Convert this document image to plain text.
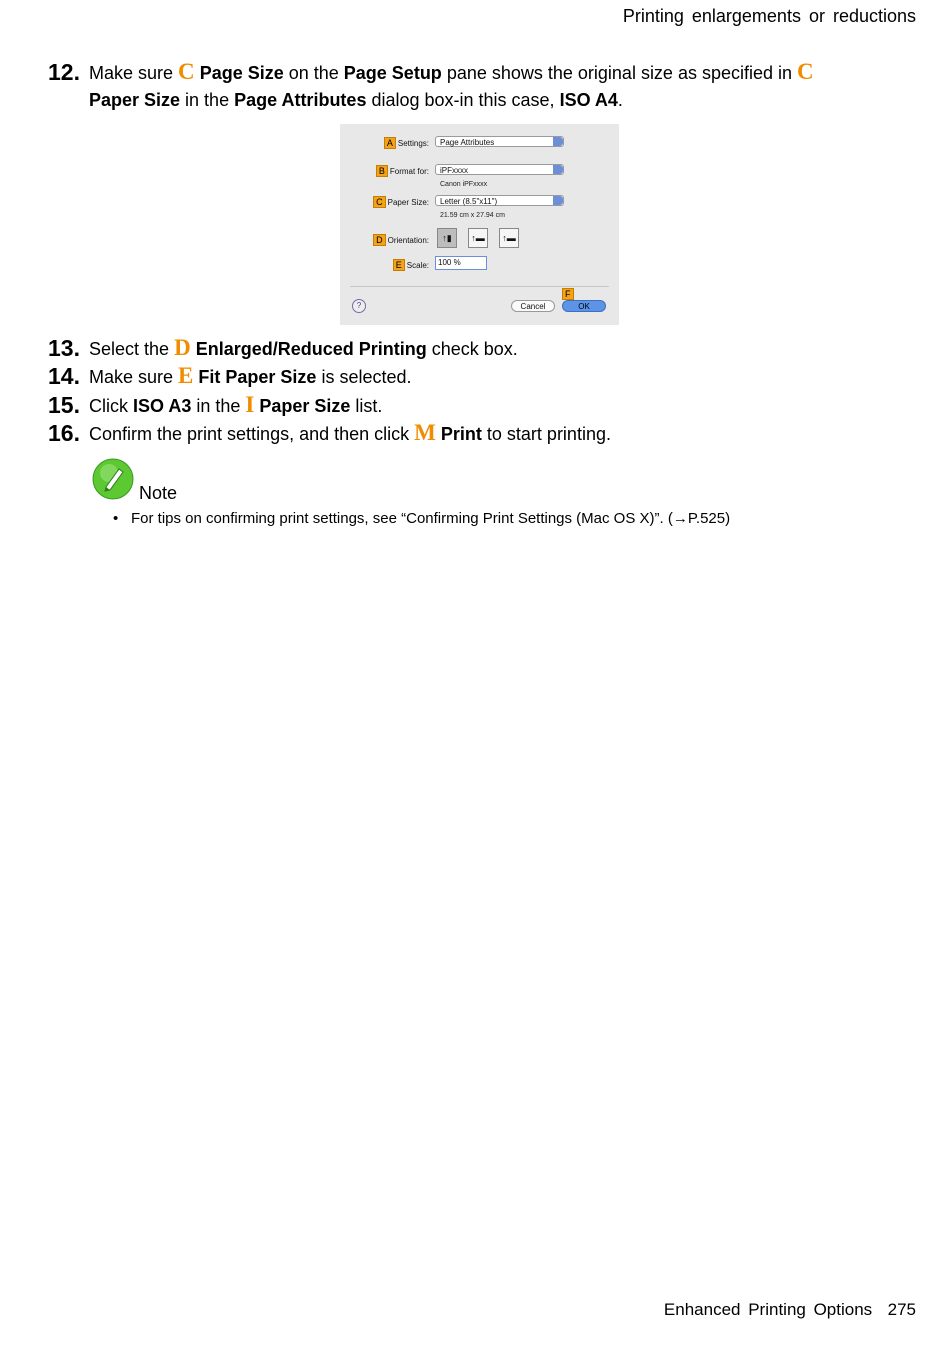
Printing enlargements or reductions
12. Make sure C Page Size on the Page Setup pane shows the original size as specified in C
Paper Size in the Page Attributes dialog box-in this case, ISO A4.
A Settings:	Page Attributes
B Format for:	iPFxxxx
Canon iPFxxxx
C Paper Size:	Letter (8.5"x11")
21.59 cm x 27.94 cm
D Orientation:	↑▮	↑▬	↑▬
E Scale:	100 %
F
?	Cancel	OK
13. Select the D Enlarged/Reduced Printing check box.
14. Make sure E Fit Paper Size is selected.
15. Click ISO A3 in the I Paper Size list.
16. Confirm the print settings, and then click M Print to start printing.
Note
• For tips on confirming print settings, see “Confirming Print Settings (Mac OS X)”. (→P.525)
Enhanced Printing Options 275
